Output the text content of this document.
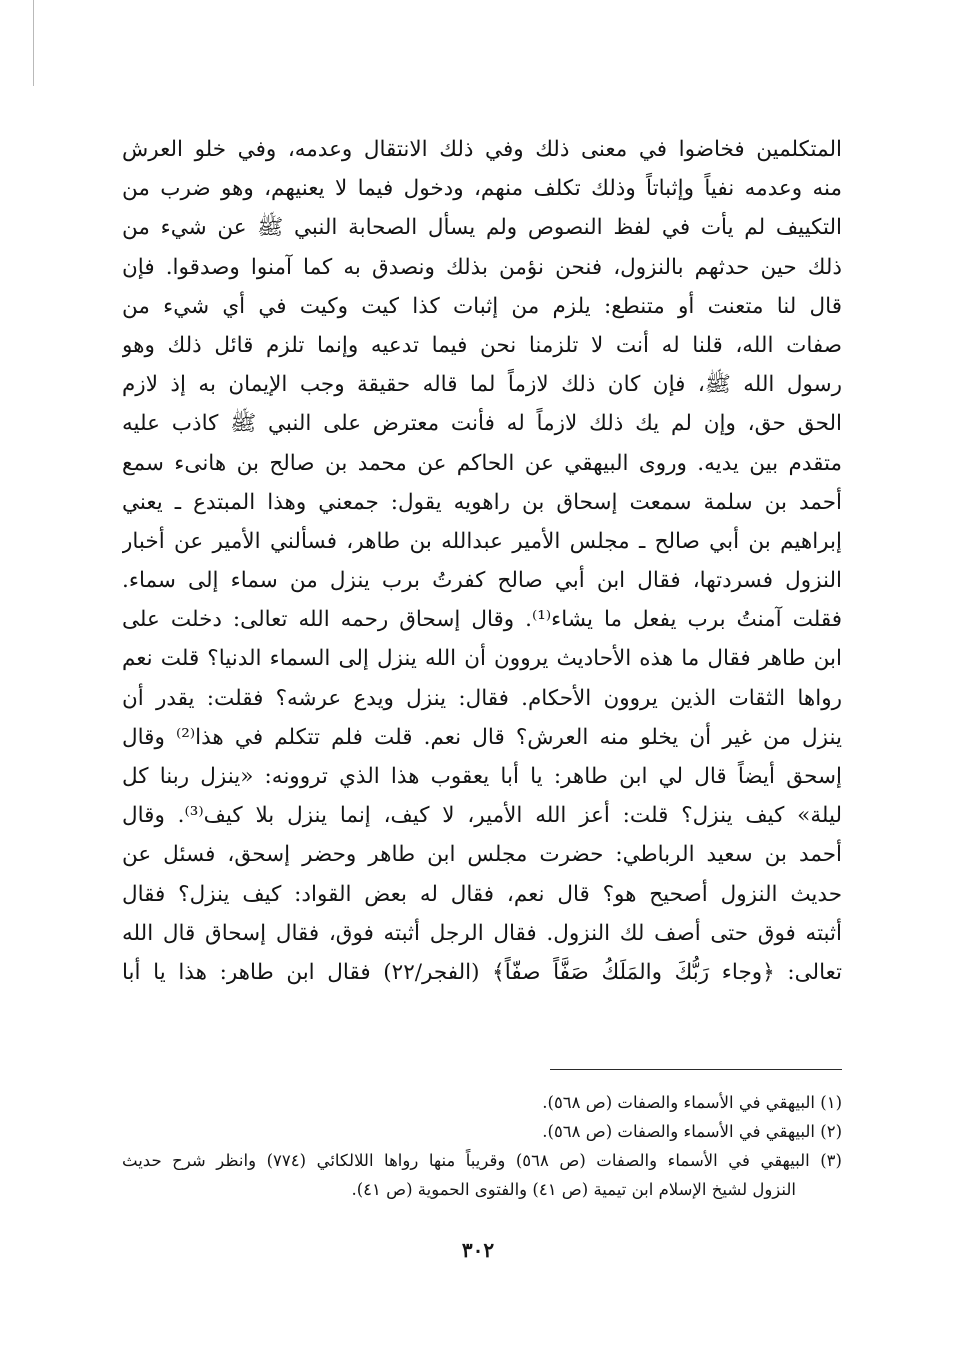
المتكلمين فخاضوا في معنى ذلك وفي ذلك الانتقال وعدمه، وفي خلو العرش
منه وعدمه نفياً وإثباتاً وذلك تكلف منهم، ودخول فيما لا يعنيهم، وهو ضرب من
التكييف لم يأت في لفظ النصوص ولم يسأل الصحابة النبي ﷺ عن شيء من
ذلك حين حدثهم بالنزول، فنحن نؤمن بذلك ونصدق به كما آمنوا وصدقوا. فإن
قال لنا متعنت أو متنطع: يلزم من إثبات كذا كيت وكيت في أي شيء من
صفات الله، قلنا له أنت لا تلزمنا نحن فيما تدعيه وإنما تلزم قائل ذلك وهو
رسول الله ﷺ، فإن كان ذلك لازماً لما قاله حقيقة وجب الإيمان به إذ لازم
الحق حق، وإن لم يك ذلك لازماً له فأنت معترض على النبي ﷺ كاذب عليه
متقدم بين يديه. وروى البيهقي عن الحاكم عن محمد بن صالح بن هانىء سمع
أحمد بن سلمة سمعت إسحاق بن راهويه يقول: جمعني وهذا المبتدع ـ يعني
إبراهيم بن أبي صالح ـ مجلس الأمير عبدالله بن طاهر، فسألني الأمير عن أخبار
النزول فسردتها، فقال ابن أبي صالح كفرتُ برب ينزل من سماء إلى سماء.
فقلت آمنتُ برب يفعل ما يشاء⁽¹⁾. وقال إسحاق رحمه الله تعالى: دخلت على
ابن طاهر فقال ما هذه الأحاديث يروون أن الله ينزل إلى السماء الدنيا؟ قلت نعم
رواها الثقات الذين يروون الأحكام. فقال: ينزل ويدع عرشه؟ فقلت: يقدر أن
ينزل من غير أن يخلو منه العرش؟ قال نعم. قلت فلم تتكلم في هذا⁽²⁾ وقال
إسحق أيضاً قال لي ابن طاهر: يا أبا يعقوب هذا الذي تروونه: «ينزل ربنا كل
ليلة» كيف ينزل؟ قلت: أعز الله الأمير، لا كيف، إنما ينزل بلا كيف⁽³⁾. وقال
أحمد بن سعيد الرباطي: حضرت مجلس ابن طاهر وحضر إسحق، فسئل عن
حديث النزول أصحيح هو؟ قال نعم، فقال له بعض القواد: كيف ينزل؟ فقال
أثبته فوق حتى أصف لك النزول. فقال الرجل أثبته فوق، فقال إسحاق قال الله
تعالى: ﴿وجاء رَبُّكَ والمَلَكُ صَفَّاً صفّاً﴾ (الفجر/٢٢) فقال ابن طاهر: هذا يا أبا
(١) البيهقي في الأسماء والصفات (ص ٥٦٨).
(٢) البيهقي في الأسماء والصفات (ص ٥٦٨).
(٣) البيهقي في الأسماء والصفات (ص ٥٦٨) وقريباً منها رواها اللالكائي (٧٧٤) وانظر شرح حديث
النزول لشيخ الإسلام ابن تيمية (ص ٤١) والفتوى الحموية (ص ٤١).
٣٠٢
